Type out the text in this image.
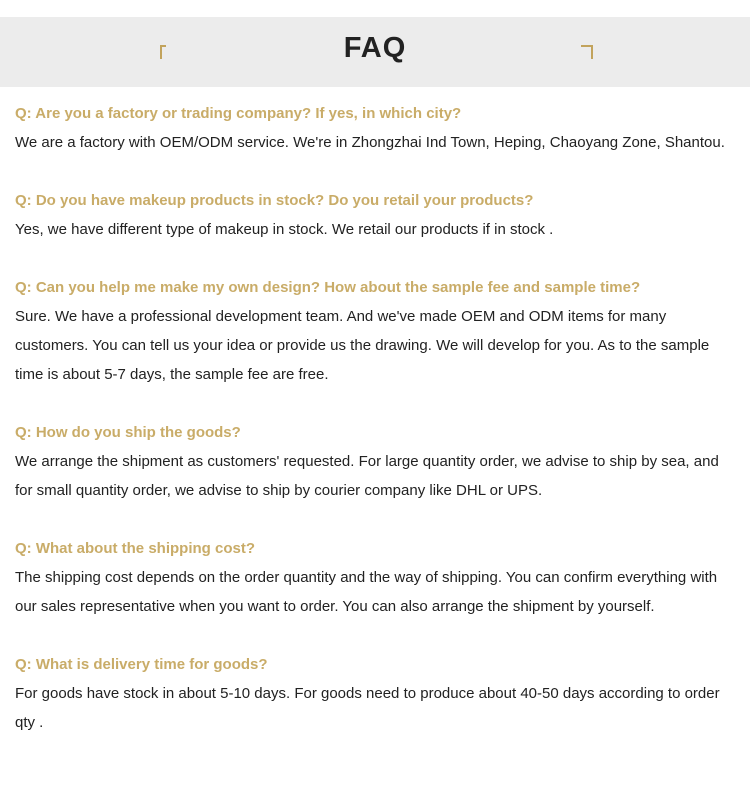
FAQ
Q: Are you a factory or trading company? If yes, in which city?
We are a factory with OEM/ODM service. We're in Zhongzhai Ind Town, Heping, Chaoyang Zone, Shantou.
Q: Do you have makeup products in stock? Do you retail your products?
Yes, we have different type of makeup in stock. We retail our products if in stock .
Q: Can you help me make my own design? How about the sample fee and sample time?
Sure. We have a professional development team. And we've made OEM and ODM items for many customers. You can tell us your idea or provide us the drawing. We will develop for you. As to the sample time is about 5-7 days, the sample fee are free.
Q: How do you ship the goods?
We arrange the shipment as customers' requested. For large quantity order, we advise to ship by sea, and for small quantity order, we advise to ship by courier company like DHL or UPS.
Q: What about the shipping cost?
The shipping cost depends on the order quantity and the way of shipping. You can confirm everything with our sales representative when you want to order. You can also arrange the shipment by yourself.
Q: What is delivery time for goods?
For goods have stock in about 5-10 days. For goods need to produce about 40-50 days according to order qty .
